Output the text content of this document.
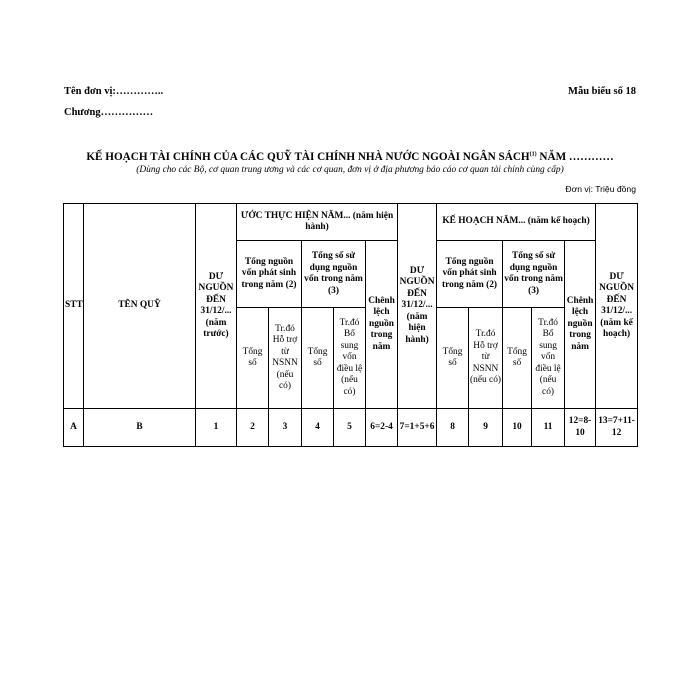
Tên đơn vị:…………..
Chương……………
Mẫu biểu số 18
KẾ HOẠCH TÀI CHÍNH CỦA CÁC QUỸ TÀI CHÍNH NHÀ NƯỚC NGOÀI NGÂN SÁCH$^{(1)}$ NĂM …………
(Dùng cho các Bộ, cơ quan trung ương và các cơ quan, đơn vị ở địa phương báo cáo cơ quan tài chính cùng cấp)
Đơn vị: Triệu đồng
STT	TÊN QUỸ	DƯ NGUỒN ĐẾN 31/12/... (năm trước)	ƯỚC THỰC HIỆN NĂM... (năm hiện hành)					DƯ NGUỒN ĐẾN 31/12/... (năm hiện hành)	KẾ HOẠCH NĂM... (năm kế hoạch)					DƯ NGUỒN ĐẾN 31/12/... (năm kế hoạch)
			Tổng nguồn vốn phát sinh trong năm (2)		Tổng số sử dụng nguồn vốn trong năm (3)		Chênh lệch nguồn trong năm		Tổng nguồn vốn phát sinh trong năm (2)		Tổng số sử dụng nguồn vốn trong năm (3)		Chênh lệch nguồn trong năm	
			Tổng số	Tr.đó Hỗ trợ từ NSNN (nếu có)	Tổng số	Tr.đó Bổ sung vốn điều lệ (nếu có)			Tổng số	Tr.đó Hỗ trợ từ NSNN (nếu có)	Tổng số	Tr.đó Bổ sung vốn điều lệ (nếu có)		
A	B	1	2	3	4	5	6=2-4	7=1+5+6	8	9	10	11	12=8-10	13=7+11-12
